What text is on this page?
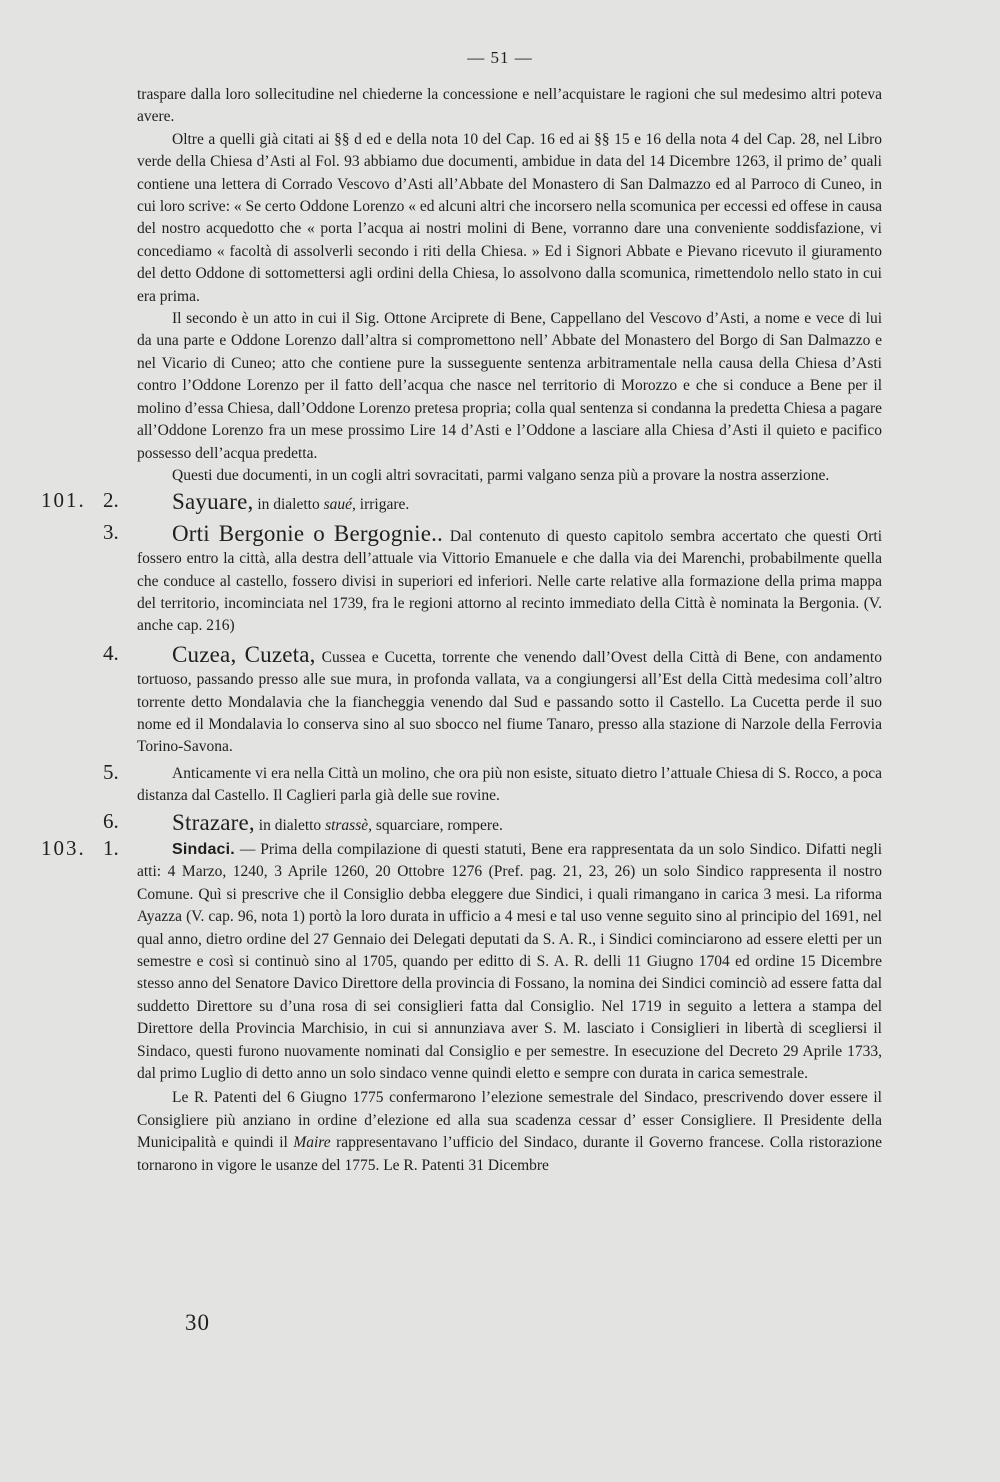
— 51 —

traspare dalla loro sollecitudine nel chiederne la concessione e nell’acquistare le ragioni che sul medesimo altri poteva avere.

Oltre a quelli già citati ai §§ d ed e della nota 10 del Cap. 16 ed ai §§ 15 e 16 della nota 4 del Cap. 28, nel Libro verde della Chiesa d’Asti al Fol. 93 abbiamo due documenti, ambidue in data del 14 Dicembre 1263, il primo de’ quali contiene una lettera di Corrado Vescovo d’Asti all’Abbate del Monastero di San Dalmazzo ed al Parroco di Cuneo, in cui loro scrive: « Se certo Oddone Lorenzo « ed alcuni altri che incorsero nella scomunica per eccessi ed offese in causa del nostro acquedotto che « porta l’acqua ai nostri molini di Bene, vorranno dare una conveniente soddisfazione, vi concediamo « facoltà di assolverli secondo i riti della Chiesa. » Ed i Signori Abbate e Pievano ricevuto il giuramento del detto Oddone di sottomettersi agli ordini della Chiesa, lo assolvono dalla scomunica, rimettendolo nello stato in cui era prima.

Il secondo è un atto in cui il Sig. Ottone Arciprete di Bene, Cappellano del Vescovo d’Asti, a nome e vece di lui da una parte e Oddone Lorenzo dall’altra si compromettono nell’ Abbate del Monastero del Borgo di San Dalmazzo e nel Vicario di Cuneo; atto che contiene pure la susseguente sentenza arbitramentale nella causa della Chiesa d’Asti contro l’Oddone Lorenzo per il fatto dell’acqua che nasce nel territorio di Morozzo e che si conduce a Bene per il molino d’essa Chiesa, dall’Oddone Lorenzo pretesa propria; colla qual sentenza si condanna la predetta Chiesa a pagare all’Oddone Lorenzo fra un mese prossimo Lire 14 d’Asti e l’Oddone a lasciare alla Chiesa d’Asti il quieto e pacifico possesso dell’acqua predetta.

Questi due documenti, in un cogli altri sovracitati, parmi valgano senza più a provare la nostra asserzione.

101. 2. Sayuare, in dialetto saué, irrigare.

3. Orti Bergonie o Bergognie.. Dal contenuto di questo capitolo sembra accertato che questi Orti fossero entro la città, alla destra dell’attuale via Vittorio Emanuele e che dalla via dei Marenchi, probabilmente quella che conduce al castello, fossero divisi in superiori ed inferiori. Nelle carte relative alla formazione della prima mappa del territorio, incominciata nel 1739, fra le regioni attorno al recinto immediato della Città è nominata la Bergonia. (V. anche cap. 216)

4. Cuzea, Cuzeta, Cussea e Cucetta, torrente che venendo dall’Ovest della Città di Bene, con andamento tortuoso, passando presso alle sue mura, in profonda vallata, va a congiungersi all’Est della Città medesima coll’altro torrente detto Mondalavia che la fiancheggia venendo dal Sud e passando sotto il Castello. La Cucetta perde il suo nome ed il Mondalavia lo conserva sino al suo sbocco nel fiume Tanaro, presso alla stazione di Narzole della Ferrovia Torino-Savona.

5.	Anticamente vi era nella Città un molino, che ora più non esiste, situato dietro l’attuale Chiesa di S. Rocco, a poca distanza dal Castello. Il Caglieri parla già delle sue rovine.

6. Strazare, in dialetto strassè, squarciare, rompere.

103. 1.	Sindaci. — Prima della compilazione di questi statuti, Bene era rappresentata da un solo Sindico. Difatti negli atti: 4 Marzo, 1240, 3 Aprile 1260, 20 Ottobre 1276 (Pref. pag. 21, 23, 26) un solo Sindico rappresenta il nostro Comune. Quì si prescrive che il Consiglio debba eleggere due Sindici, i quali rimangano in carica 3 mesi. La riforma Ayazza (V. cap. 96, nota 1) portò la loro durata in ufficio a 4 mesi e tal uso venne seguito sino al principio del 1691, nel qual anno, dietro ordine del 27 Gennaio dei Delegati deputati da S. A. R., i Sindici cominciarono ad essere eletti per un semestre e così si continuò sino al 1705, quando per editto di S. A. R. delli 11 Giugno 1704 ed ordine 15 Dicembre stesso anno del Senatore Davico Direttore della provincia di Fossano, la nomina dei Sindici cominciò ad essere fatta dal suddetto Direttore su d’una rosa di sei consiglieri fatta dal Consiglio. Nel 1719 in seguito a lettera a stampa del Direttore della Provincia Marchisio, in cui si annunziava aver S. M. lasciato i Consiglieri in libertà di scegliersi il Sindaco, questi furono nuovamente nominati dal Consiglio e per semestre. In esecuzione del Decreto 29 Aprile 1733, dal primo Luglio di detto anno un solo sindaco venne quindi eletto e sempre con durata in carica semestrale.

Le R. Patenti del 6 Giugno 1775 confermarono l’elezione semestrale del Sindaco, prescrivendo dover essere il Consigliere più anziano in ordine d’elezione ed alla sua scadenza cessar d’ esser Consigliere. Il Presidente della Municipalità e quindi il Maire rappresentavano l’ufficio del Sindaco, durante il Governo francese. Colla ristorazione tornarono in vigore le usanze del 1775. Le R. Patenti 31 Dicembre

30
